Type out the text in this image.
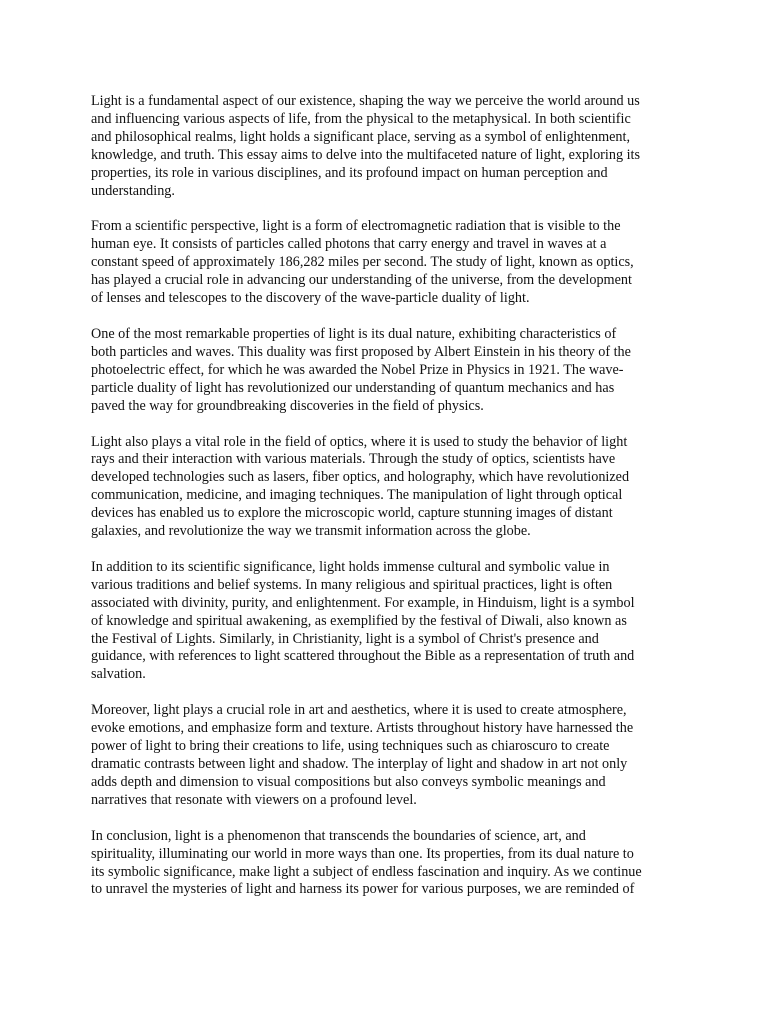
Light is a fundamental aspect of our existence, shaping the way we perceive the world around us
and influencing various aspects of life, from the physical to the metaphysical. In both scientific
and philosophical realms, light holds a significant place, serving as a symbol of enlightenment,
knowledge, and truth. This essay aims to delve into the multifaceted nature of light, exploring its
properties, its role in various disciplines, and its profound impact on human perception and
understanding.

From a scientific perspective, light is a form of electromagnetic radiation that is visible to the
human eye. It consists of particles called photons that carry energy and travel in waves at a
constant speed of approximately 186,282 miles per second. The study of light, known as optics,
has played a crucial role in advancing our understanding of the universe, from the development
of lenses and telescopes to the discovery of the wave-particle duality of light.

One of the most remarkable properties of light is its dual nature, exhibiting characteristics of
both particles and waves. This duality was first proposed by Albert Einstein in his theory of the
photoelectric effect, for which he was awarded the Nobel Prize in Physics in 1921. The wave-
particle duality of light has revolutionized our understanding of quantum mechanics and has
paved the way for groundbreaking discoveries in the field of physics.

Light also plays a vital role in the field of optics, where it is used to study the behavior of light
rays and their interaction with various materials. Through the study of optics, scientists have
developed technologies such as lasers, fiber optics, and holography, which have revolutionized
communication, medicine, and imaging techniques. The manipulation of light through optical
devices has enabled us to explore the microscopic world, capture stunning images of distant
galaxies, and revolutionize the way we transmit information across the globe.

In addition to its scientific significance, light holds immense cultural and symbolic value in
various traditions and belief systems. In many religious and spiritual practices, light is often
associated with divinity, purity, and enlightenment. For example, in Hinduism, light is a symbol
of knowledge and spiritual awakening, as exemplified by the festival of Diwali, also known as
the Festival of Lights. Similarly, in Christianity, light is a symbol of Christ's presence and
guidance, with references to light scattered throughout the Bible as a representation of truth and
salvation.

Moreover, light plays a crucial role in art and aesthetics, where it is used to create atmosphere,
evoke emotions, and emphasize form and texture. Artists throughout history have harnessed the
power of light to bring their creations to life, using techniques such as chiaroscuro to create
dramatic contrasts between light and shadow. The interplay of light and shadow in art not only
adds depth and dimension to visual compositions but also conveys symbolic meanings and
narratives that resonate with viewers on a profound level.

In conclusion, light is a phenomenon that transcends the boundaries of science, art, and
spirituality, illuminating our world in more ways than one. Its properties, from its dual nature to
its symbolic significance, make light a subject of endless fascination and inquiry. As we continue
to unravel the mysteries of light and harness its power for various purposes, we are reminded of
